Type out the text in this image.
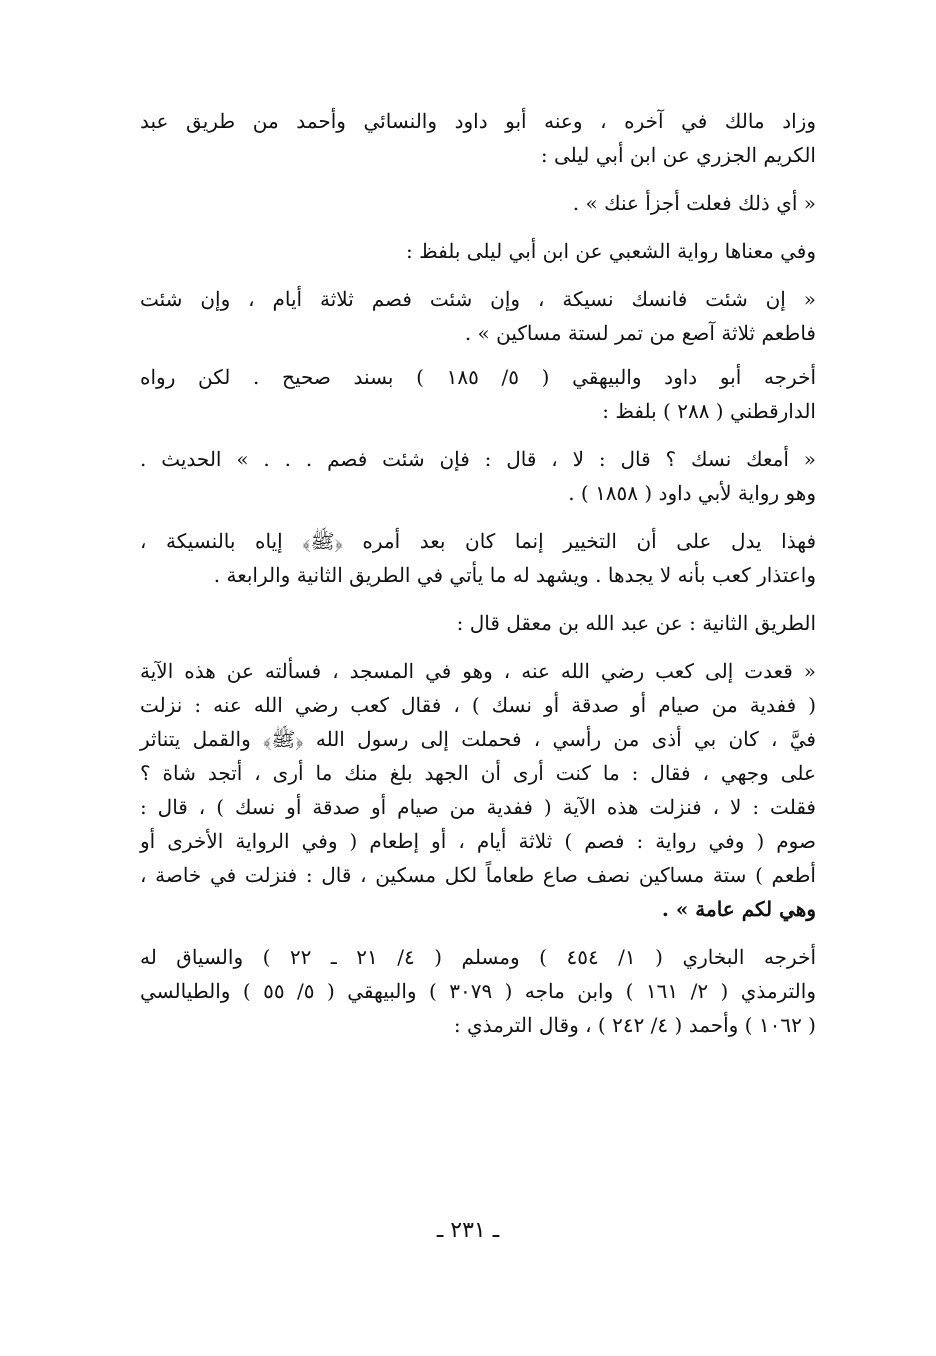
وزاد مالك في آخره ، وعنه أبو داود والنسائي وأحمد من طريق عبد
الكريم الجزري عن ابن أبي ليلى :
« أي ذلك فعلت أجزأ عنك » .
وفي معناها رواية الشعبي عن ابن أبي ليلى بلفظ :
« إن شئت فانسك نسيكة ، وإن شئت فصم ثلاثة أيام ، وإن شئت
فاطعم ثلاثة آصع من تمر لستة مساكين » .
أخرجه أبو داود والبيهقي ( ٥/ ١٨٥ ) بسند صحيح . لكن رواه
الدارقطني ( ٢٨٨ ) بلفظ :
« أمعك نسك ؟ قال : لا ، قال : فإن شئت فصم . . . » الحديث .
وهو رواية لأبي داود ( ١٨٥٨ ) .
فهذا يدل على أن التخيير إنما كان بعد أمره ﴿ﷺ﴾ إياه بالنسيكة ،
واعتذار كعب بأنه لا يجدها . ويشهد له ما يأتي في الطريق الثانية والرابعة .
الطريق الثانية : عن عبد الله بن معقل قال :
« قعدت إلى كعب رضي الله عنه ، وهو في المسجد ، فسألته عن هذه الآية
( ففدية من صيام أو صدقة أو نسك ) ، فقال كعب رضي الله عنه : نزلت
فيَّ ، كان بي أذى من رأسي ، فحملت إلى رسول الله ﴿ﷺ﴾ والقمل يتناثر
على وجهي ، فقال : ما كنت أرى أن الجهد بلغ منك ما أرى ، أتجد شاة ؟
فقلت : لا ، فنزلت هذه الآية ( ففدية من صيام أو صدقة أو نسك ) ، قال :
صوم ( وفي رواية : فصم ) ثلاثة أيام ، أو إطعام ( وفي الرواية الأخرى أو
أطعم ) ستة مساكين نصف صاع طعاماً لكل مسكين ، قال : فنزلت في خاصة ،
وهي لكم عامة » .
أخرجه البخاري ( ١/ ٤٥٤ ) ومسلم ( ٤/ ٢١ ـ ٢٢ ) والسياق له
والترمذي ( ٢/ ١٦١ ) وابن ماجه ( ٣٠٧٩ ) والبيهقي ( ٥/ ٥٥ ) والطيالسي
( ١٠٦٢ ) وأحمد ( ٤/ ٢٤٢ ) ، وقال الترمذي :
ـ ٢٣١ ـ
